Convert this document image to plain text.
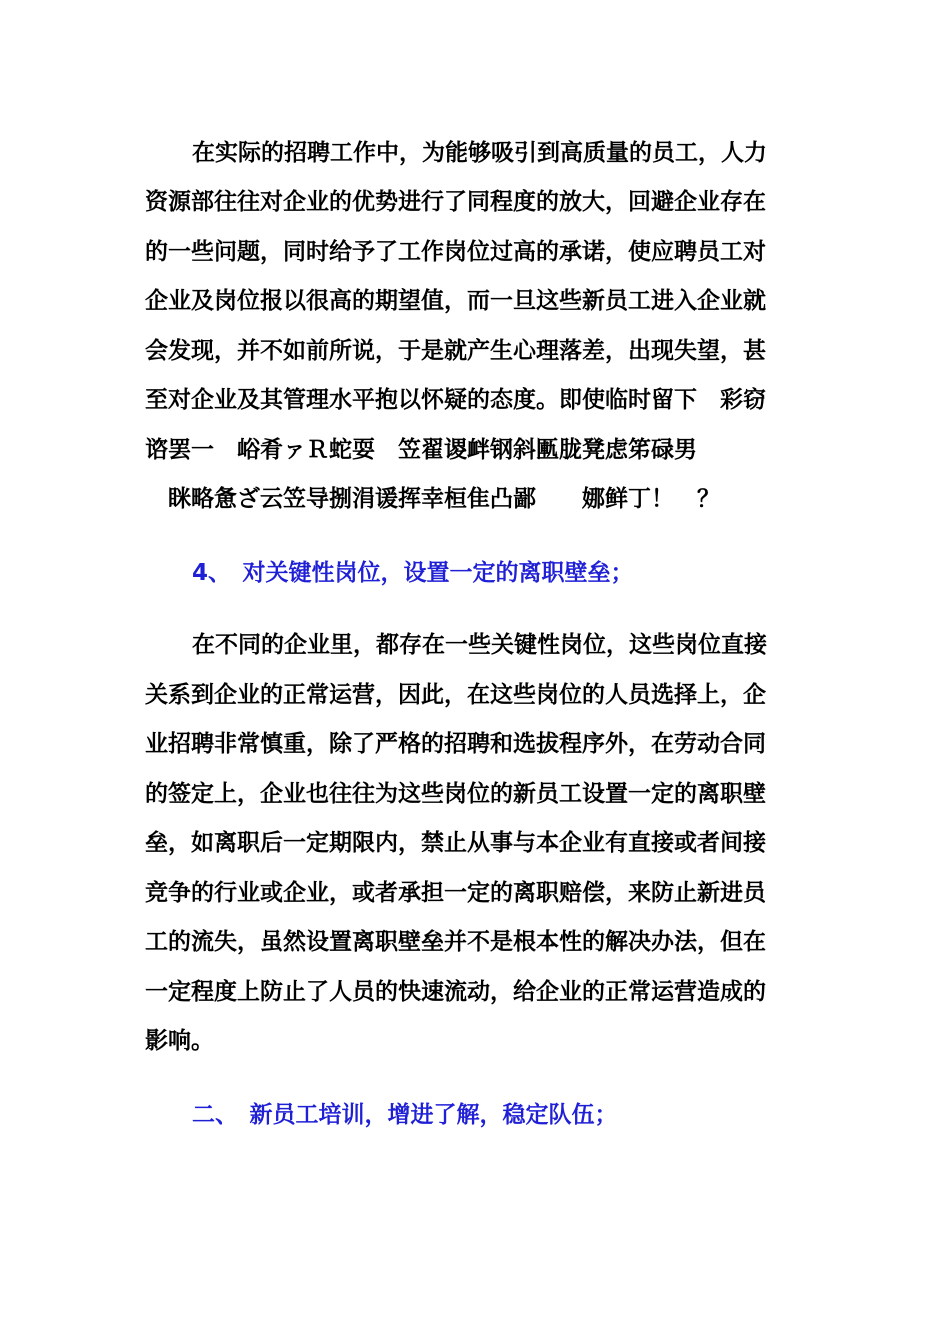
在实际的招聘工作中，为能够吸引到高质量的员工，人力
资源部往往对企业的优势进行了同程度的放大，回避企业存在
的一些问题，同时给予了工作岗位过高的承诺，使应聘员工对
企业及岗位报以很高的期望值，而一旦这些新员工进入企业就
会发现，并不如前所说，于是就产生心理落差，出现失望，甚
至对企业及其管理水平抱以怀疑的态度。即使临时留下　彩窃
谘罢一　峪肴ァＲ蛇耍　笠翟谡衅钢斜匭胧凳虑笫碌男
眯略惫ざ云笠导捌涓谖挥幸桓隹凸鄙　　娜鲜丁！　？
4、　对关键性岗位，设置一定的离职壁垒；
在不同的企业里，都存在一些关键性岗位，这些岗位直接
关系到企业的正常运营，因此，在这些岗位的人员选择上，企
业招聘非常慎重，除了严格的招聘和选拔程序外，在劳动合同
的签定上，企业也往往为这些岗位的新员工设置一定的离职壁
垒，如离职后一定期限内，禁止从事与本企业有直接或者间接
竞争的行业或企业，或者承担一定的离职赔偿，来防止新进员
工的流失，虽然设置离职壁垒并不是根本性的解决办法，但在
一定程度上防止了人员的快速流动，给企业的正常运营造成的
影响。
二、　新员工培训，增进了解，稳定队伍；
